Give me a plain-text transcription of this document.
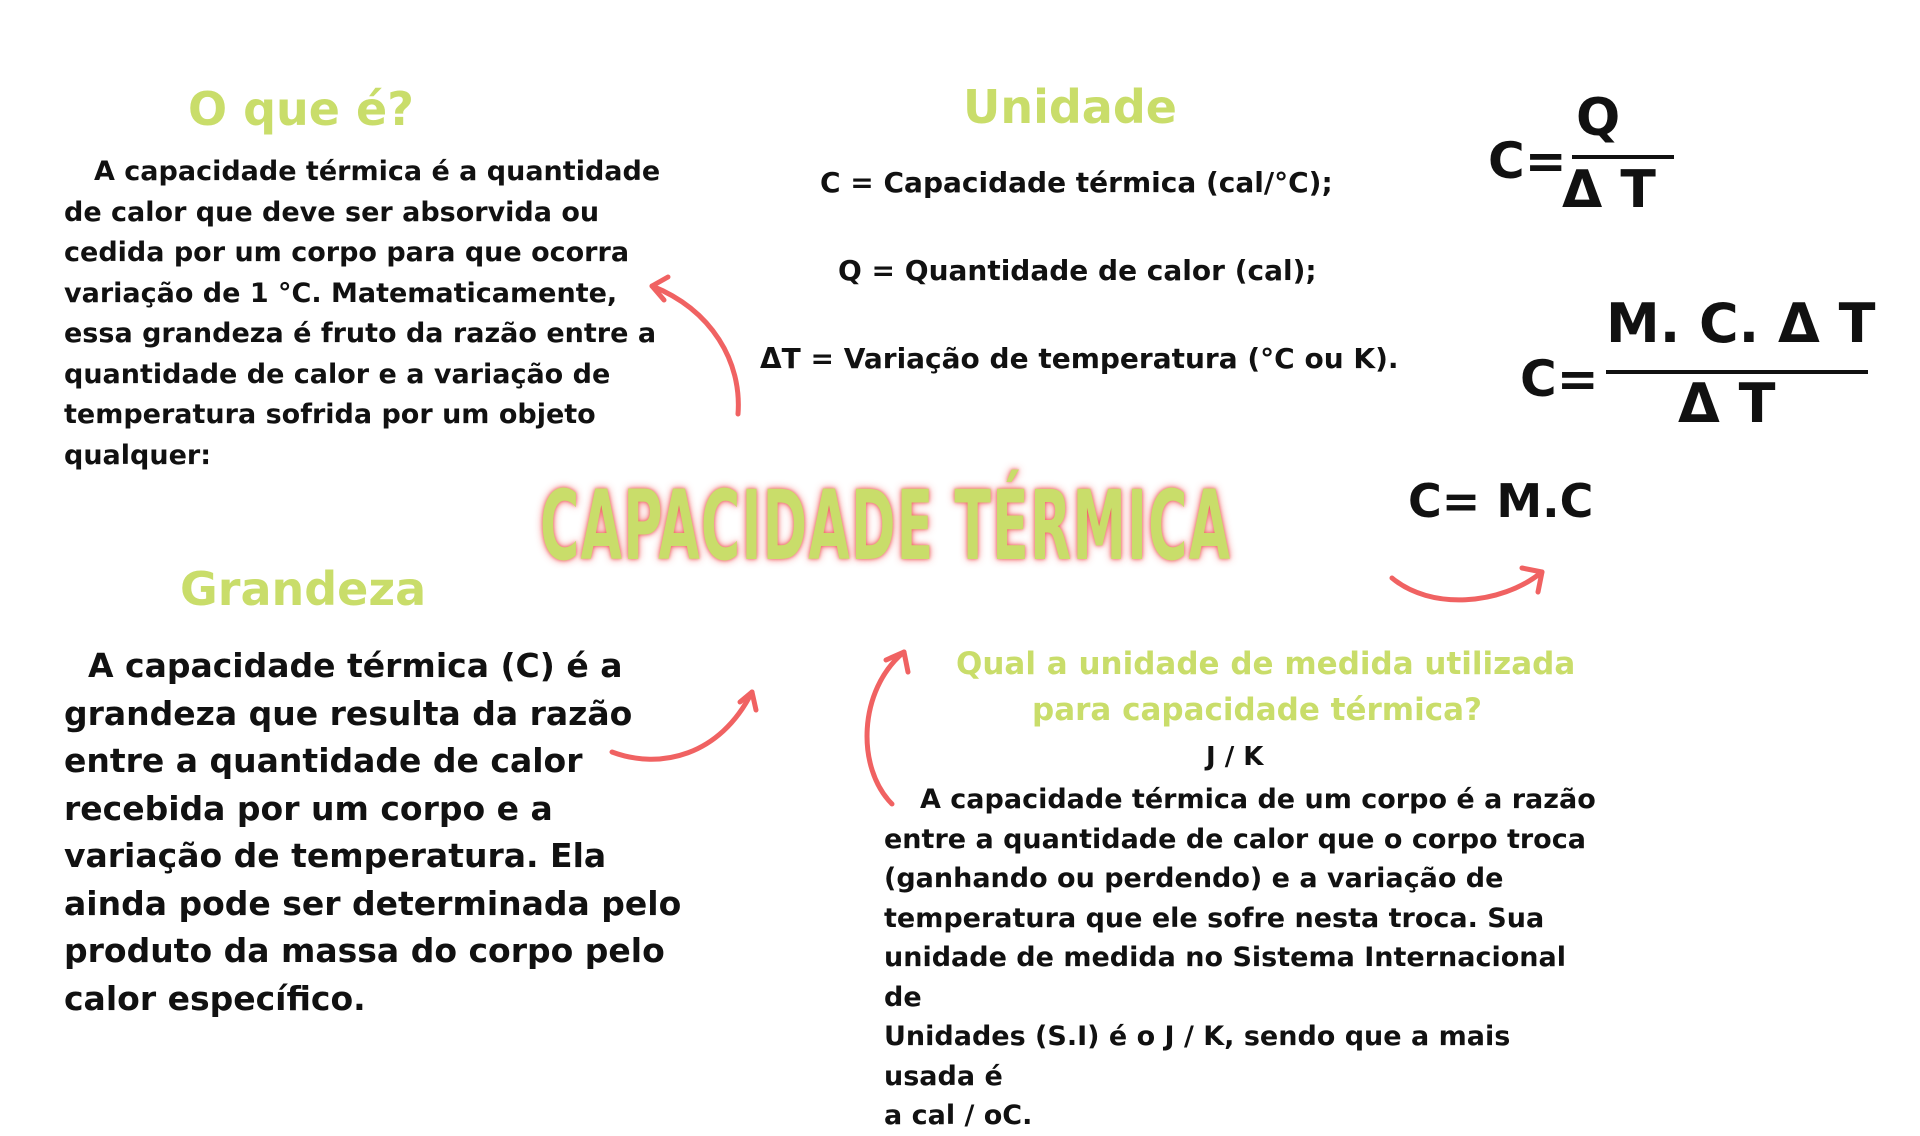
O que é?	Unidade
Grandeza
A capacidade térmica é a quantidade
de calor que deve ser absorvida ou
cedida por um corpo para que ocorra
variação de 1 °C. Matematicamente,
essa grandeza é fruto da razão entre a
quantidade de calor e a variação de
temperatura sofrida por um objeto
qualquer:
C = Capacidade térmica (cal/°C);
Q = Quantidade de calor (cal);
ΔT = Variação de temperatura (°C ou K).
C=
Q
Δ T
C=
M. C. Δ T
Δ T
C= M.C
CAPACIDADE TÉRMICA
A capacidade térmica (C) é a
grandeza que resulta da razão
entre a quantidade de calor
recebida por um corpo e a
variação de temperatura. Ela
ainda pode ser determinada pelo
produto da massa do corpo pelo
calor específico.
Qual a unidade de medida utilizada
para capacidade térmica?
J / K
A capacidade térmica de um corpo é a razão
entre a quantidade de calor que o corpo troca
(ganhando ou perdendo) e a variação de
temperatura que ele sofre nesta troca. Sua
unidade de medida no Sistema Internacional de
Unidades (S.I) é o J / K, sendo que a mais usada é
a cal / oC.
